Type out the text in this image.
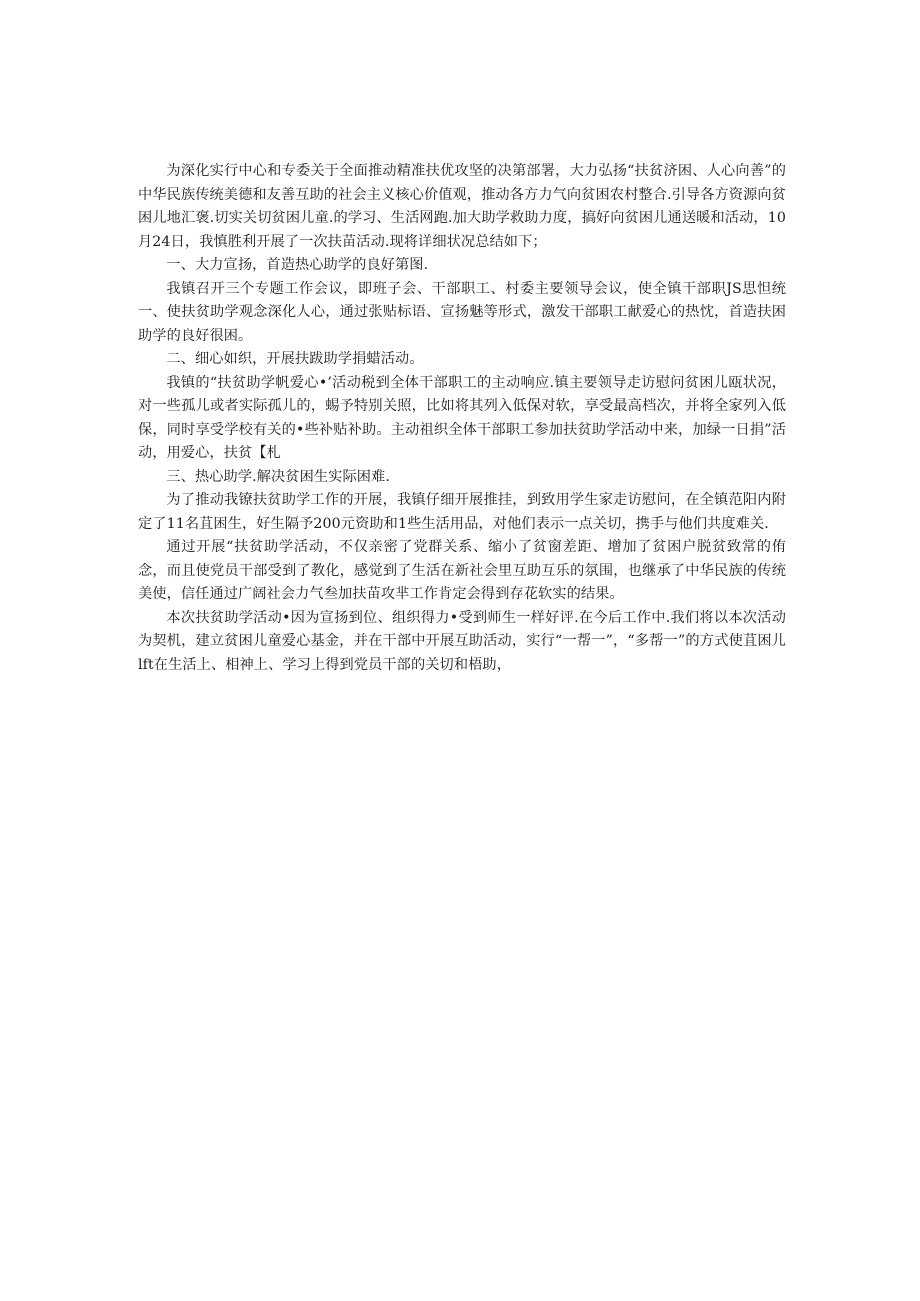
为深化实行中心和专委关于全面推动精准扶优攻坚的决第部署，大力弘扬“扶贫济困、人心向善”的中华民族传统美德和友善互助的社会主义核心价值观，推动各方力气向贫困农村整合.引导各方资源向贫困儿地汇褒.切实关切贫困儿童.的学习、生活网跑.加大助学救助力度，搞好向贫困儿通送暖和活动，10月24日，我慎胜利开展了一次扶苗活动.现将详细状况总结如下；

一、大力宣扬，首造热心助学的良好第图.

我镇召开三个专题工作会议，即班子会、干部职工、村委主要领导会议，使全镇干部职JS思怛统一、使扶贫助学观念深化人心，通过张贴标语、宣扬魅等形式，激发干部职工献爱心的热忱，首造扶困助学的良好很困。

二、细心如织，开展扶跋助学捐蜡活动。

我镇的“扶贫助学帆爱心•’活动税到全体干部职工的主动响应.镇主要领导走访慰问贫困儿瓯状况，对一些孤儿或者实际孤儿的，蜴予特别关照，比如将其列入低保对软，享受最高档次，并将全家列入低保，同时享受学校有关的•些补贴补助。主动祖织全体干部职工参加扶贫助学活动中来，加绿一日捐”活动，用爱心，扶贫【札

三、热心助学.解决贫困生实际困难.

为了推动我镣扶贫助学工作的开展，我镇仔细开展推挂，到致用学生家走访慰问，在全镇范阳内附定了11名苴困生，好生隔予200元资助和1些生活用品，对他们表示一点关切，携手与他们共度难关.

通过开展“扶贫助学活动，不仅亲密了党群关系、缩小了贫窗差距、增加了贫困户脱贫致常的侑念，而且使党员干部受到了教化，感觉到了生活在新社会里互助互乐的氛围，也继承了中华民族的传统美使，信任通过广阔社会力气叁加扶苗攻芈工作肯定会得到存花软实的结果。

本次扶贫助学活动•因为宣扬到位、组织得力•受到师生一样好评.在今后工作中.我们将以本次活动为契机，建立贫困儿童爱心基金，并在干部中开展互助活动，实行“一帮一”，“多帮一”的方式使苴困儿lft在生活上、相神上、学习上得到党员干部的关切和梧助，
